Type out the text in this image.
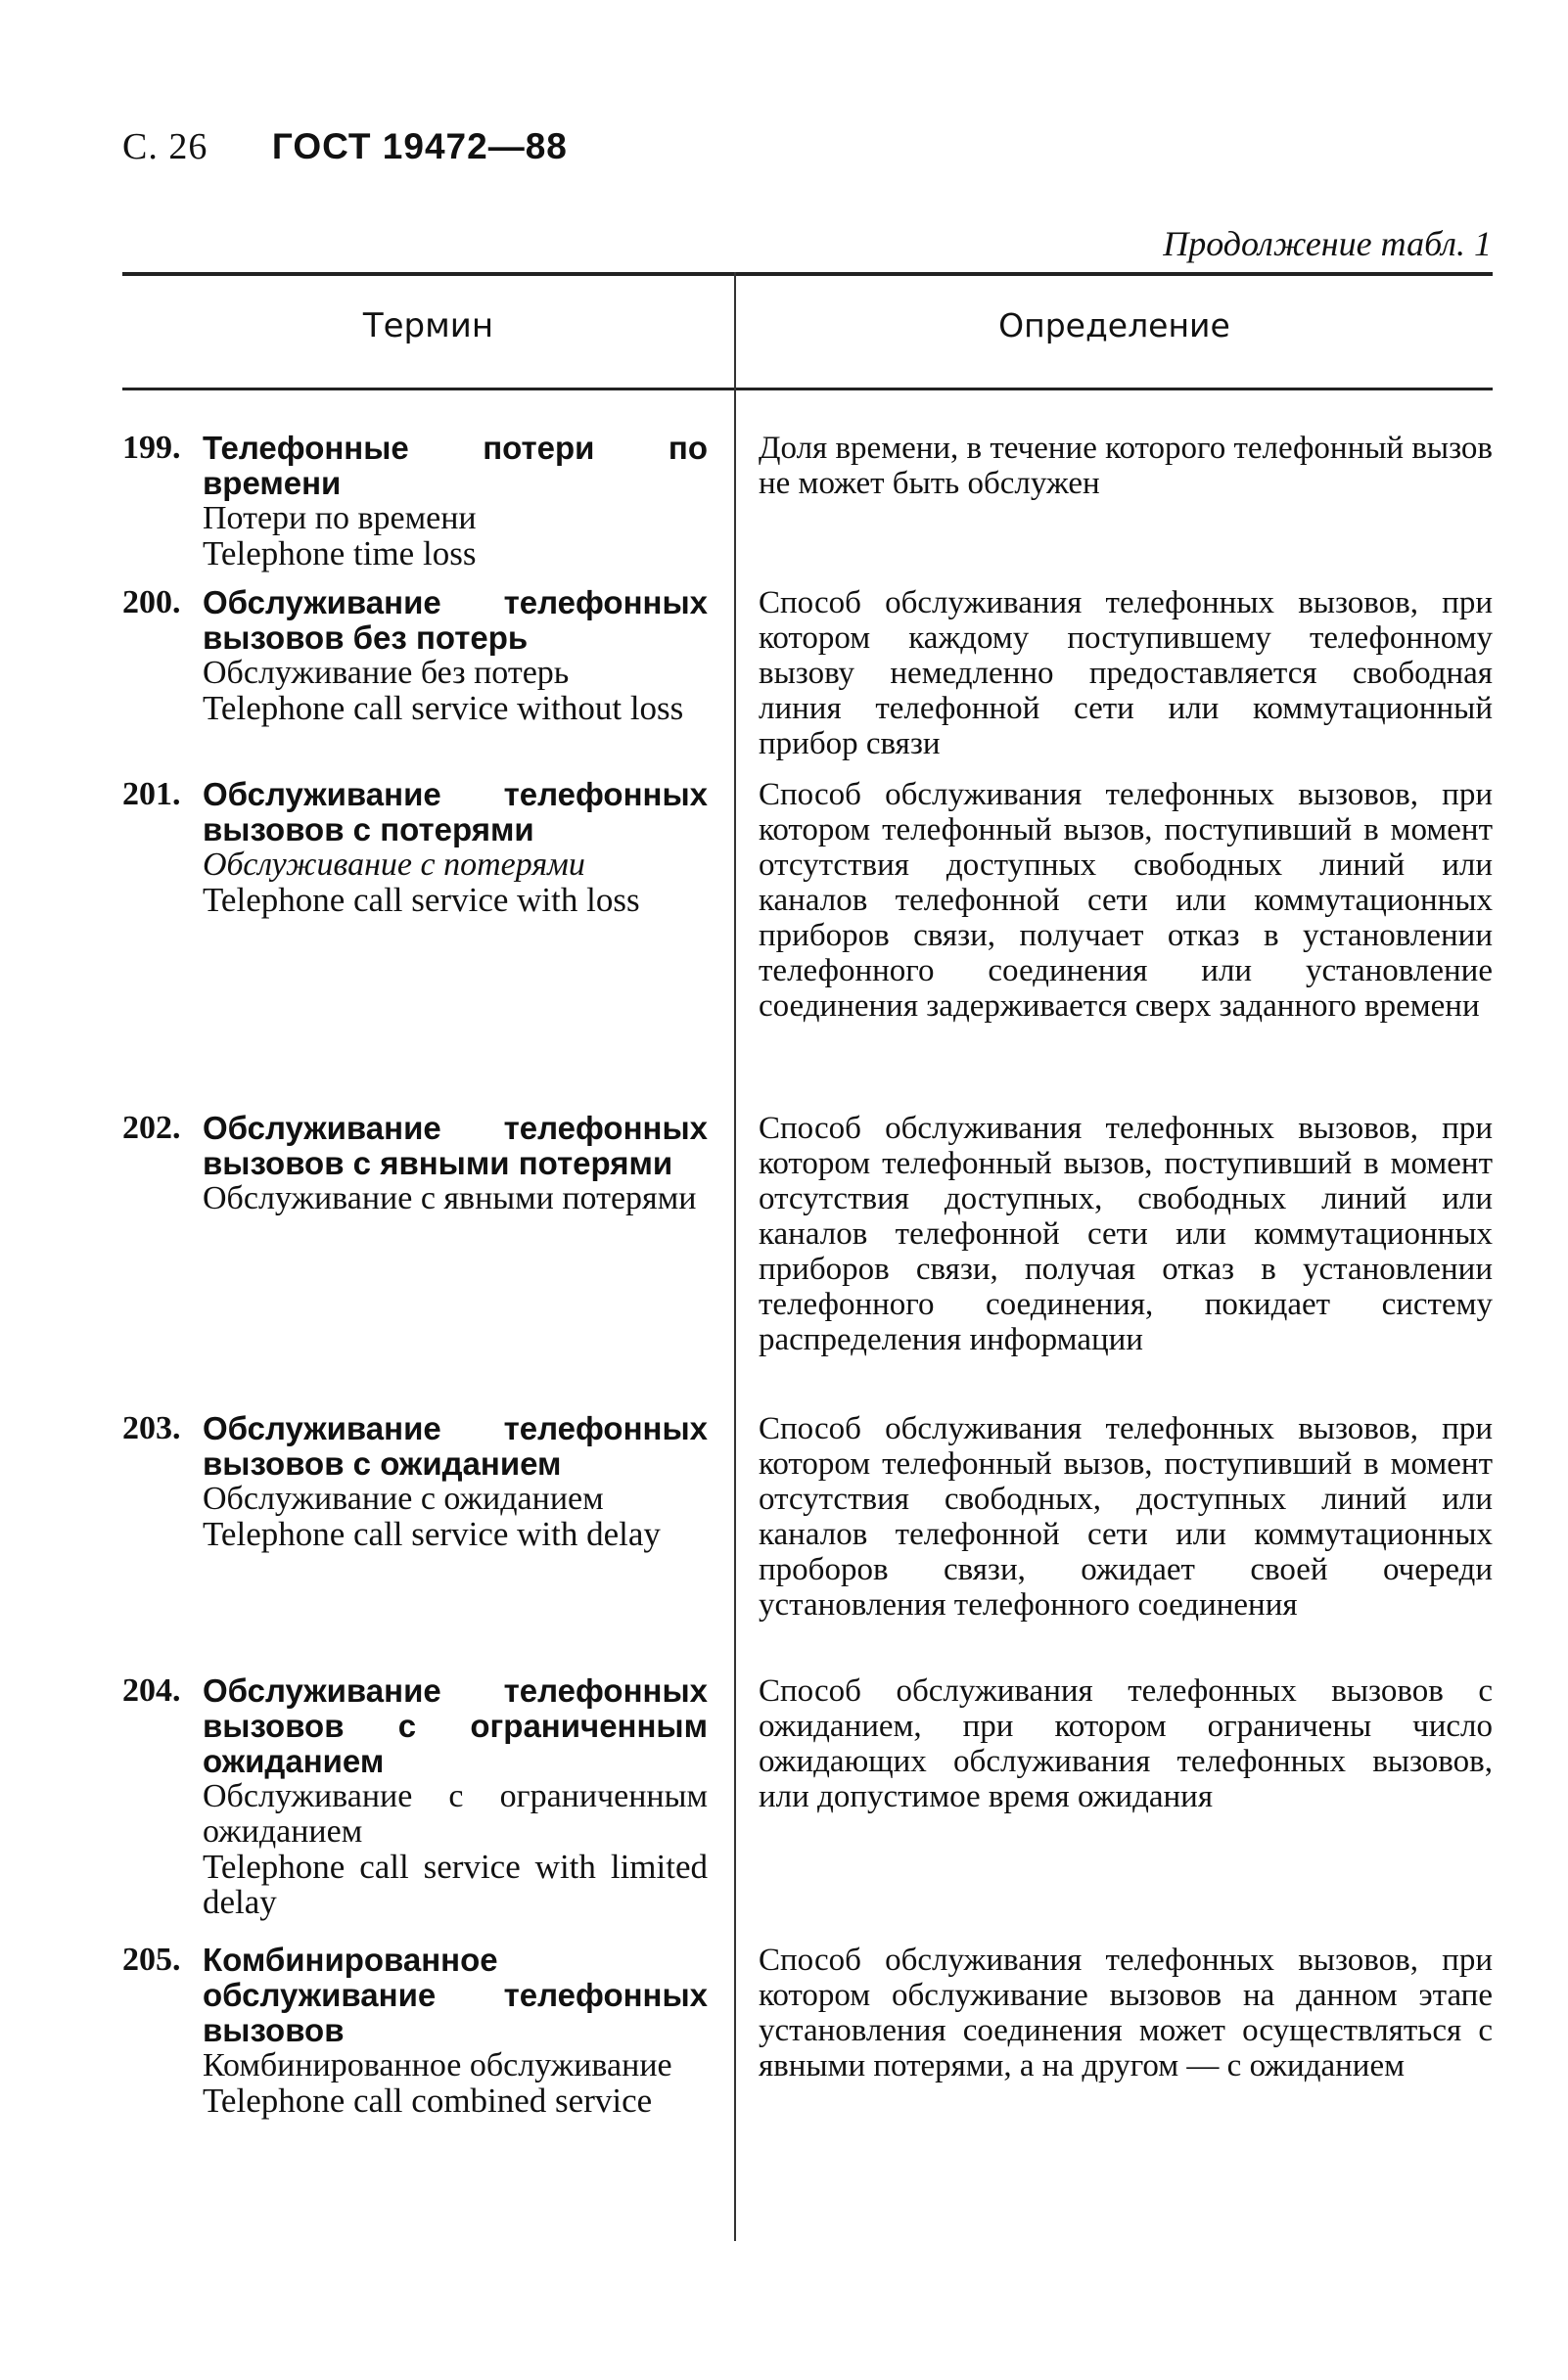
С. 26 ГОСТ 19472—88
Продолжение табл. 1
Термин	Определение
199. Телефонные потери по времени
Потери по времени
Telephone time loss
Доля времени, в течение которого телефонный вызов не может быть обслужен
200. Обслуживание телефонных вызовов без потерь
Обслуживание без потерь
Telephone call service without loss
Способ обслуживания телефонных вызовов, при котором каждому поступившему телефонному вызову немедленно предоставляется свободная линия телефонной сети или коммутационный прибор связи
201. Обслуживание телефонных вызовов с потерями
Обслуживание с потерями
Telephone call service with loss
Способ обслуживания телефонных вызовов, при котором телефонный вызов, поступивший в момент отсутствия доступных свободных линий или каналов телефонной сети или коммутационных приборов связи, получает отказ в установлении телефонного соединения или установление соединения задерживается сверх заданного времени
202. Обслуживание телефонных вызовов с явными потерями
Обслуживание с явными потерями
Способ обслуживания телефонных вызовов, при котором телефонный вызов, поступивший в момент отсутствия доступных, свободных линий или каналов телефонной сети или коммутационных приборов связи, получая отказ в установлении телефонного соединения, покидает систему распределения информации
203. Обслуживание телефонных вызовов с ожиданием
Обслуживание с ожиданием
Telephone call service with delay
Способ обслуживания телефонных вызовов, при котором телефонный вызов, поступивший в момент отсутствия свободных, доступных линий или каналов телефонной сети или коммутационных проборов связи, ожидает своей очереди установления телефонного соединения
204. Обслуживание телефонных вызовов с ограниченным ожиданием
Обслуживание с ограниченным ожиданием
Telephone call service with limited delay
Способ обслуживания телефонных вызовов с ожиданием, при котором ограничены число ожидающих обслуживания телефонных вызовов, или допустимое время ожидания
205. Комбинированное обслуживание телефонных вызовов
Комбинированное обслуживание
Telephone call combined service
Способ обслуживания телефонных вызовов, при котором обслуживание вызовов на данном этапе установления соединения может осуществляться с явными потерями, а на другом — с ожиданием
